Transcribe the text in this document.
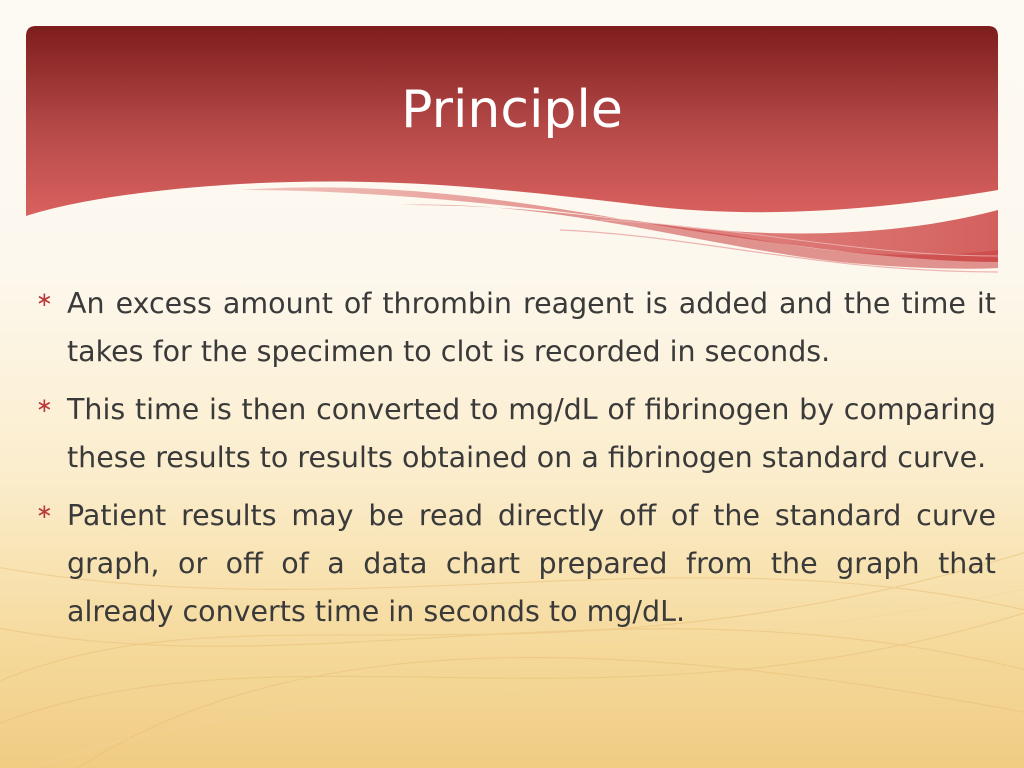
Principle
∗ An excess amount of thrombin reagent is added and the time it takes for the specimen to clot is recorded in seconds.
∗ This time is then converted to mg/dL of fibrinogen by comparing these results to results obtained on a fibrinogen standard curve.
∗ Patient results may be read directly off of the standard curve graph, or off of a data chart prepared from the graph that already converts time in seconds to mg/dL.
